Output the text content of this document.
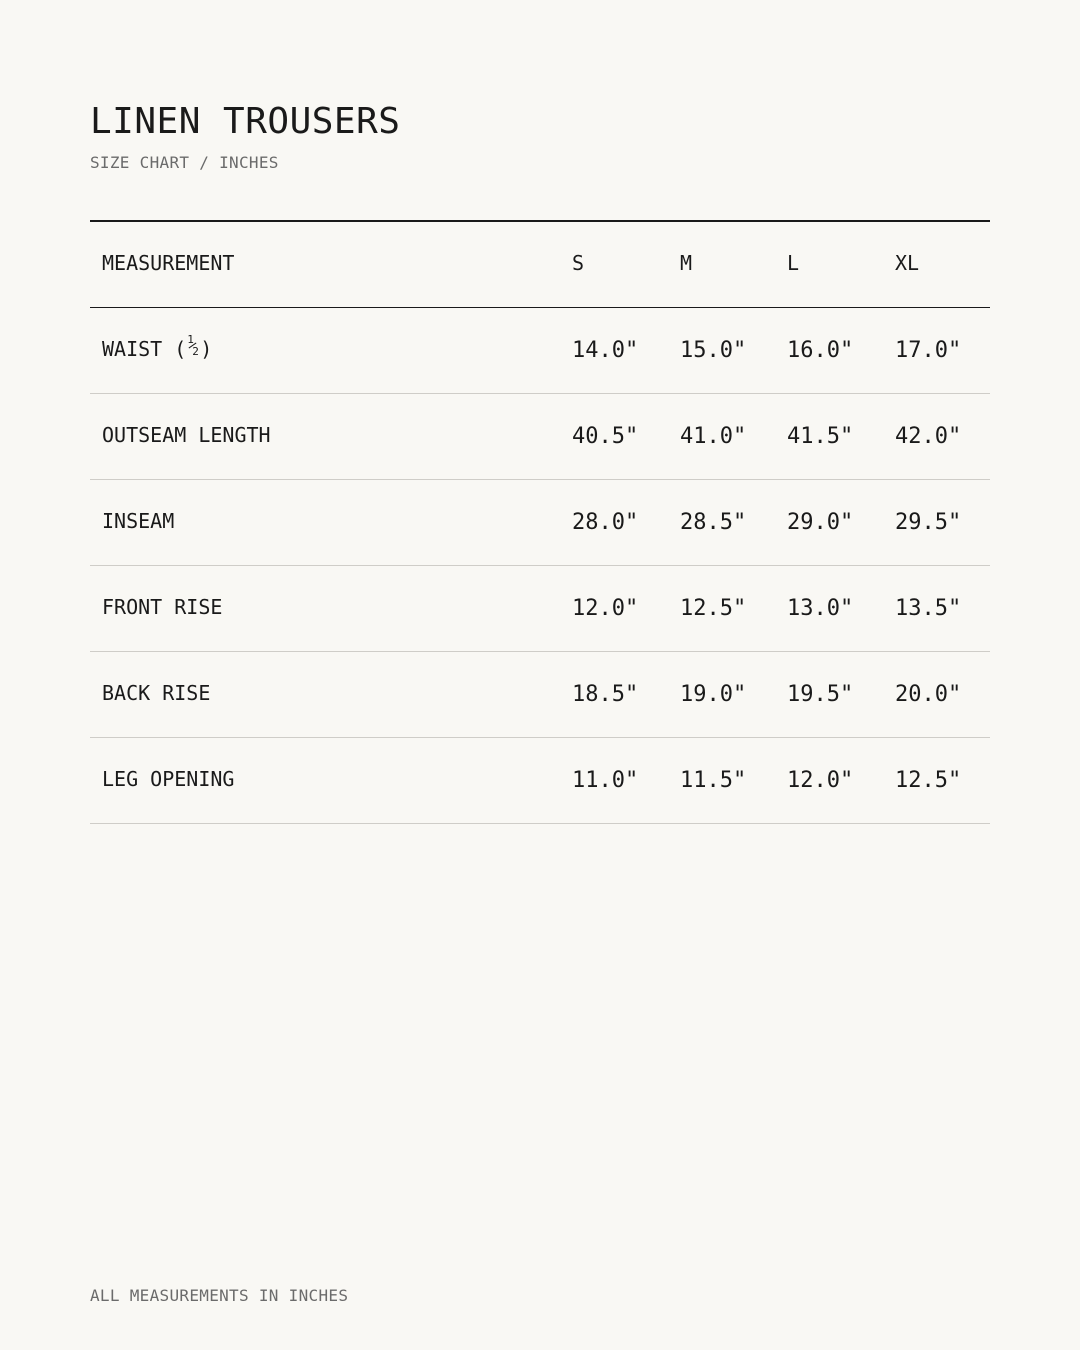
LINEN TROUSERS

SIZE CHART / INCHES

MEASUREMENT	S	M	L	XL
WAIST ( 1
2 )	14.0" 15.0" 16.0" 17.0"
OUTSEAM LENGTH	40.5" 41.0" 41.5" 42.0"
INSEAM	28.0" 28.5" 29.0" 29.5"
FRONT RISE	12.0" 12.5" 13.0" 13.5"
BACK RISE	18.5" 19.0" 19.5" 20.0"
LEG OPENING	11.0" 11.5" 12.0" 12.5"

ALL MEASUREMENTS IN INCHES
